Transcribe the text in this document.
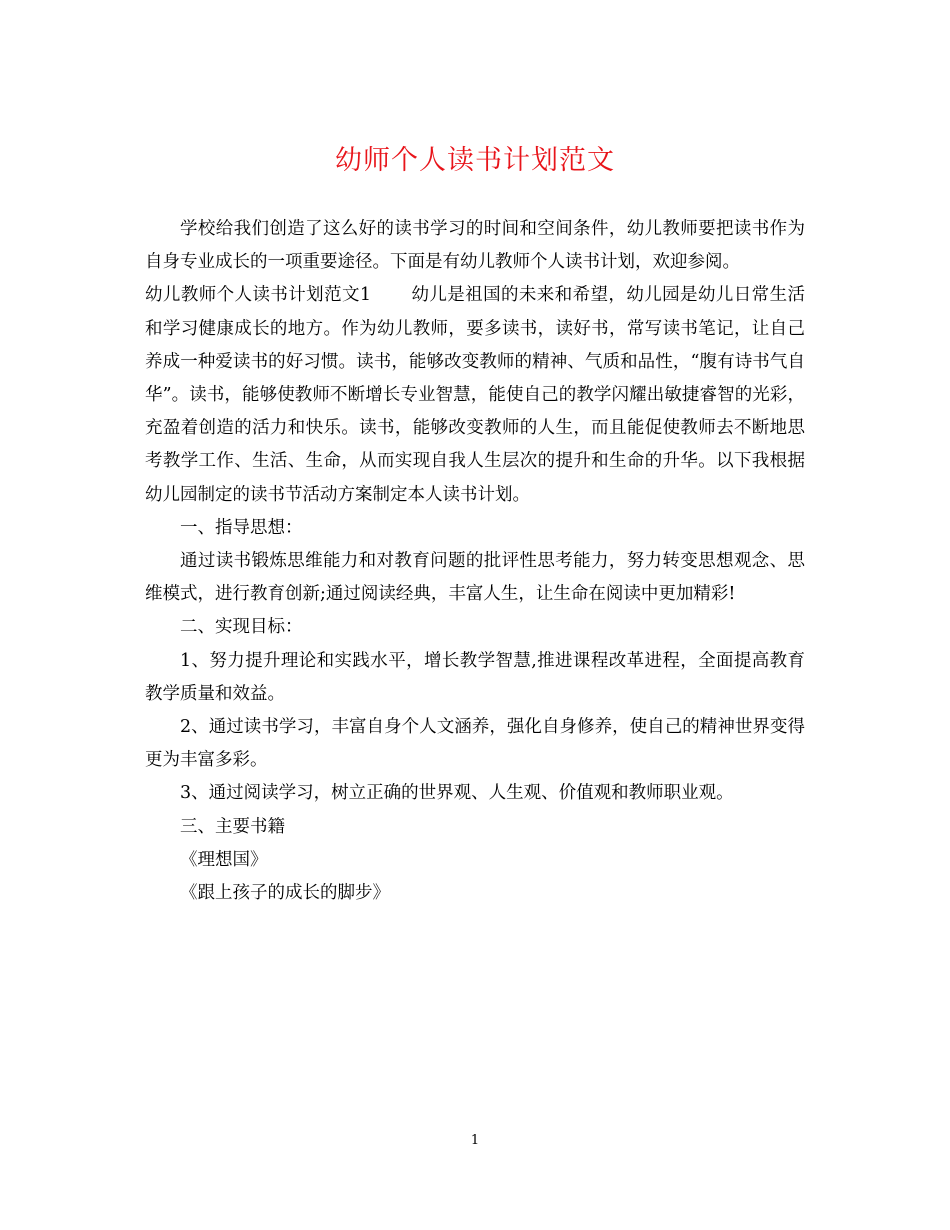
幼师个人读书计划范文

学校给我们创造了这么好的读书学习的时间和空间条件，幼儿教师要把读书作为自身专业成长的一项重要途径。下面是有幼儿教师个人读书计划，欢迎参阅。

幼儿教师个人读书计划范文1 幼儿是祖国的未来和希望，幼儿园是幼儿日常生活和学习健康成长的地方。作为幼儿教师，要多读书，读好书，常写读书笔记，让自己养成一种爱读书的好习惯。读书，能够改变教师的精神、气质和品性，“腹有诗书气自华”。读书，能够使教师不断增长专业智慧，能使自己的教学闪耀出敏捷睿智的光彩，充盈着创造的活力和快乐。读书，能够改变教师的人生，而且能促使教师去不断地思考教学工作、生活、生命，从而实现自我人生层次的提升和生命的升华。以下我根据幼儿园制定的读书节活动方案制定本人读书计划。

一、指导思想：

通过读书锻炼思维能力和对教育问题的批评性思考能力，努力转变思想观念、思维模式，进行教育创新;通过阅读经典，丰富人生，让生命在阅读中更加精彩!

二、实现目标：

1、努力提升理论和实践水平，增长教学智慧,推进课程改革进程，全面提高教育教学质量和效益。

2、通过读书学习，丰富自身个人文涵养，强化自身修养，使自己的精神世界变得更为丰富多彩。

3、通过阅读学习，树立正确的世界观、人生观、价值观和教师职业观。

三、主要书籍

《理想国》

《跟上孩子的成长的脚步》

1
